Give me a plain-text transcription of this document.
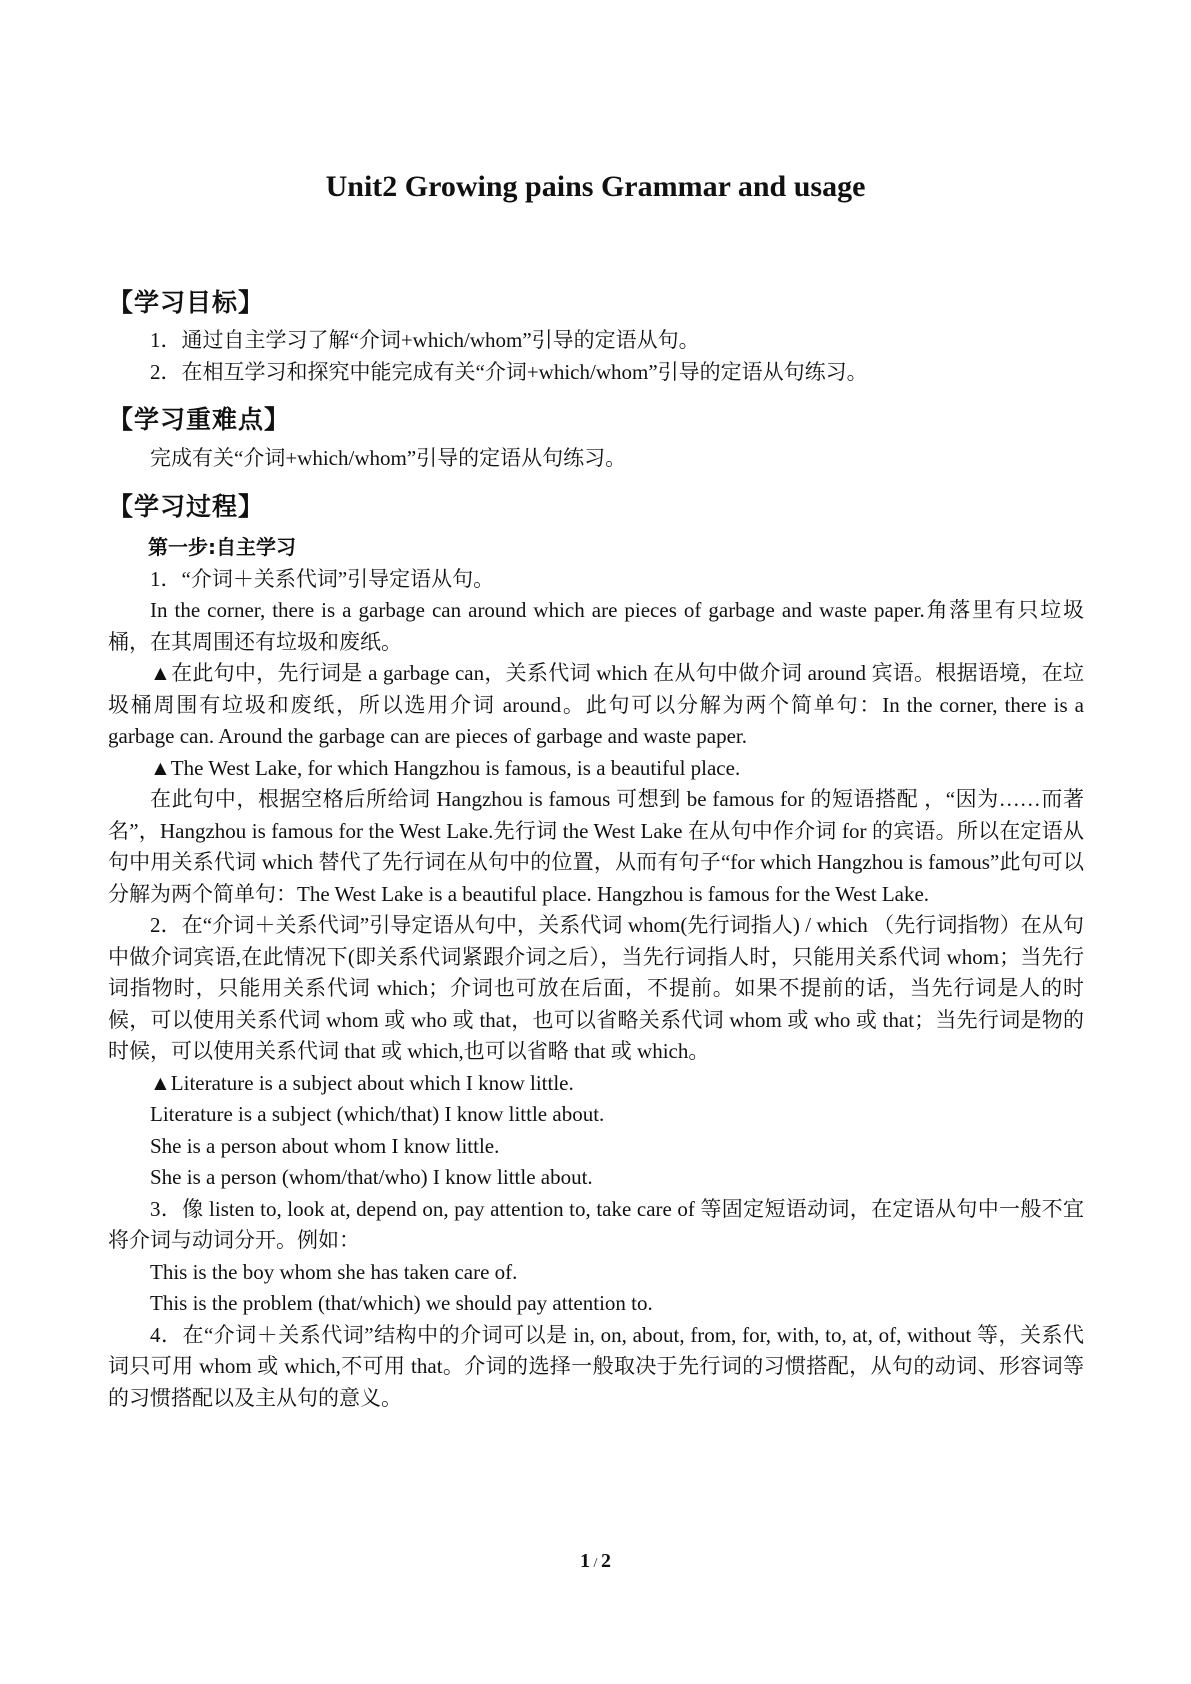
Unit2 Growing pains Grammar and usage
【学习目标】

1．通过自主学习了解“介词+which/whom”引导的定语从句。

2．在相互学习和探究中能完成有关“介词+which/whom”引导的定语从句练习。

【学习重难点】

完成有关“介词+which/whom”引导的定语从句练习。

【学习过程】

第一步:自主学习

1．“介词＋关系代词”引导定语从句。

In the corner, there is a garbage can around which are pieces of garbage and waste paper.角落里有只垃圾桶，在其周围还有垃圾和废纸。

▲在此句中，先行词是 a garbage can，关系代词 which 在从句中做介词 around 宾语。根据语境，在垃圾桶周围有垃圾和废纸，所以选用介词 around。此句可以分解为两个简单句：In the corner, there is a garbage can. Around the garbage can are pieces of garbage and waste paper.

▲The West Lake, for which Hangzhou is famous, is a beautiful place.

在此句中，根据空格后所给词 Hangzhou is famous 可想到 be famous for 的短语搭配 ，“因为……而著名”，Hangzhou is famous for the West Lake.先行词 the West Lake 在从句中作介词 for 的宾语。所以在定语从句中用关系代词 which 替代了先行词在从句中的位置，从而有句子“for which Hangzhou is famous”此句可以分解为两个简单句：The West Lake is a beautiful place. Hangzhou is famous for the West Lake.

2．在“介词＋关系代词”引导定语从句中，关系代词 whom(先行词指人) / which （先行词指物）在从句中做介词宾语,在此情况下(即关系代词紧跟介词之后），当先行词指人时，只能用关系代词 whom；当先行词指物时，只能用关系代词 which；介词也可放在后面，不提前。如果不提前的话，当先行词是人的时候，可以使用关系代词 whom 或 who 或 that，也可以省略关系代词 whom 或 who 或 that；当先行词是物的时候，可以使用关系代词 that 或 which,也可以省略 that 或 which。

▲Literature is a subject about which I know little.

Literature is a subject (which/that) I know little about.

She is a person about whom I know little.

She is a person (whom/that/who) I know little about.

3．像 listen to, look at, depend on, pay attention to, take care of 等固定短语动词，在定语从句中一般不宜将介词与动词分开。例如：

This is the boy whom she has taken care of.

This is the problem (that/which) we should pay attention to.

4．在“介词＋关系代词”结构中的介词可以是 in, on, about, from, for, with, to, at, of, without 等，关系代词只可用 whom 或 which,不可用 that。介词的选择一般取决于先行词的习惯搭配，从句的动词、形容词等的习惯搭配以及主从句的意义。

1 / 2
